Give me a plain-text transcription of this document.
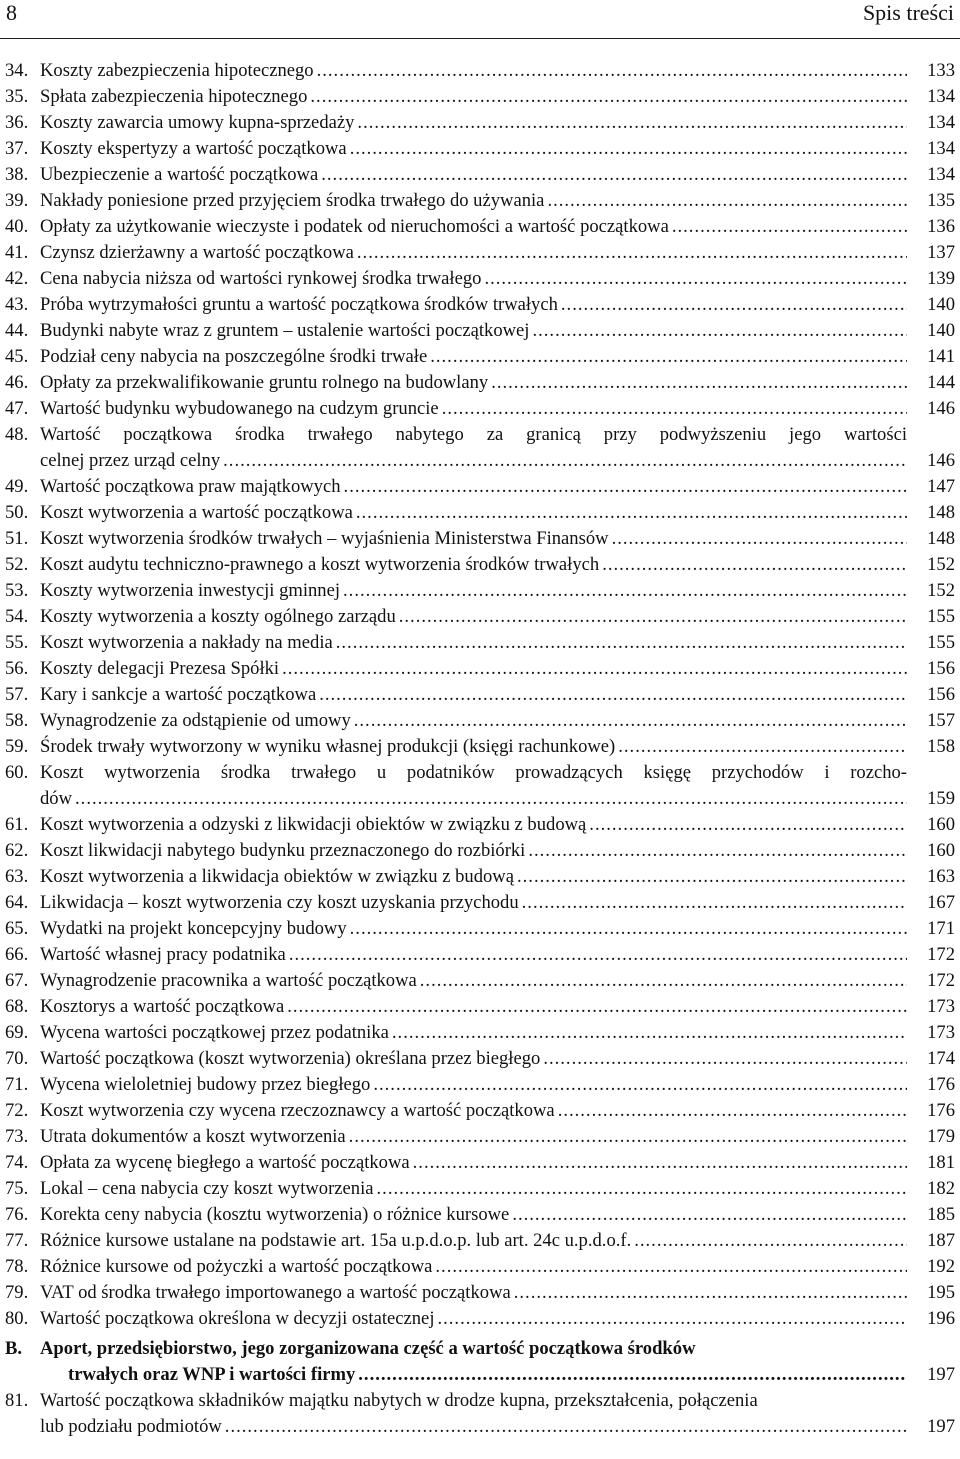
8	Spis treści
34. Koszty zabezpieczenia hipotecznego .....	133
35. Spłata zabezpieczenia hipotecznego .....	134
36. Koszty zawarcia umowy kupna-sprzedaży .....	134
37. Koszty ekspertyzy a wartość początkowa .....	134
38. Ubezpieczenie a wartość początkowa .....	134
39. Nakłady poniesione przed przyjęciem środka trwałego do używania .....	135
40. Opłaty za użytkowanie wieczyste i podatek od nieruchomości a wartość początkowa .....	136
41. Czynsz dzierżawny a wartość początkowa .....	137
42. Cena nabycia niższa od wartości rynkowej środka trwałego .....	139
43. Próba wytrzymałości gruntu a wartość początkowa środków trwałych .....	140
44. Budynki nabyte wraz z gruntem – ustalenie wartości początkowej .....	140
45. Podział ceny nabycia na poszczególne środki trwałe .....	141
46. Opłaty za przekwalifikowanie gruntu rolnego na budowlany .....	144
47. Wartość budynku wybudowanego na cudzym gruncie .....	146
48. Wartość początkowa środka trwałego nabytego za granicą przy podwyższeniu jego wartości
celnej przez urząd celny .....	146
49. Wartość początkowa praw majątkowych .....	147
50. Koszt wytworzenia a wartość początkowa .....	148
51. Koszt wytworzenia środków trwałych – wyjaśnienia Ministerstwa Finansów .....	148
52. Koszt audytu techniczno-prawnego a koszt wytworzenia środków trwałych .....	152
53. Koszty wytworzenia inwestycji gminnej .....	152
54. Koszty wytworzenia a koszty ogólnego zarządu .....	155
55. Koszt wytworzenia a nakłady na media .....	155
56. Koszty delegacji Prezesa Spółki .....	156
57. Kary i sankcje a wartość początkowa .....	156
58. Wynagrodzenie za odstąpienie od umowy .....	157
59. Środek trwały wytworzony w wyniku własnej produkcji (księgi rachunkowe) .....	158
60. Koszt wytworzenia środka trwałego u podatników prowadzących księgę przychodów i rozcho-
dów .....	159
61. Koszt wytworzenia a odzyski z likwidacji obiektów w związku z budową .....	160
62. Koszt likwidacji nabytego budynku przeznaczonego do rozbiórki .....	160
63. Koszt wytworzenia a likwidacja obiektów w związku z budową .....	163
64. Likwidacja – koszt wytworzenia czy koszt uzyskania przychodu .....	167
65. Wydatki na projekt koncepcyjny budowy .....	171
66. Wartość własnej pracy podatnika .....	172
67. Wynagrodzenie pracownika a wartość początkowa .....	172
68. Kosztorys a wartość początkowa .....	173
69. Wycena wartości początkowej przez podatnika .....	173
70. Wartość początkowa (koszt wytworzenia) określana przez biegłego .....	174
71. Wycena wieloletniej budowy przez biegłego .....	176
72. Koszt wytworzenia czy wycena rzeczoznawcy a wartość początkowa .....	176
73. Utrata dokumentów a koszt wytworzenia .....	179
74. Opłata za wycenę biegłego a wartość początkowa .....	181
75. Lokal – cena nabycia czy koszt wytworzenia .....	182
76. Korekta ceny nabycia (kosztu wytworzenia) o różnice kursowe .....	185
77. Różnice kursowe ustalane na podstawie art. 15a u.p.d.o.p. lub art. 24c u.p.d.o.f. .....	187
78. Różnice kursowe od pożyczki a wartość początkowa .....	192
79. VAT od środka trwałego importowanego a wartość początkowa .....	195
80. Wartość początkowa określona w decyzji ostatecznej .....	196
B. Aport, przedsiębiorstwo, jego zorganizowana część a wartość początkowa środków
trwałych oraz WNP i wartości firmy .....	197
81. Wartość początkowa składników majątku nabytych w drodze kupna, przekształcenia, połączenia
lub podziału podmiotów .....	197
